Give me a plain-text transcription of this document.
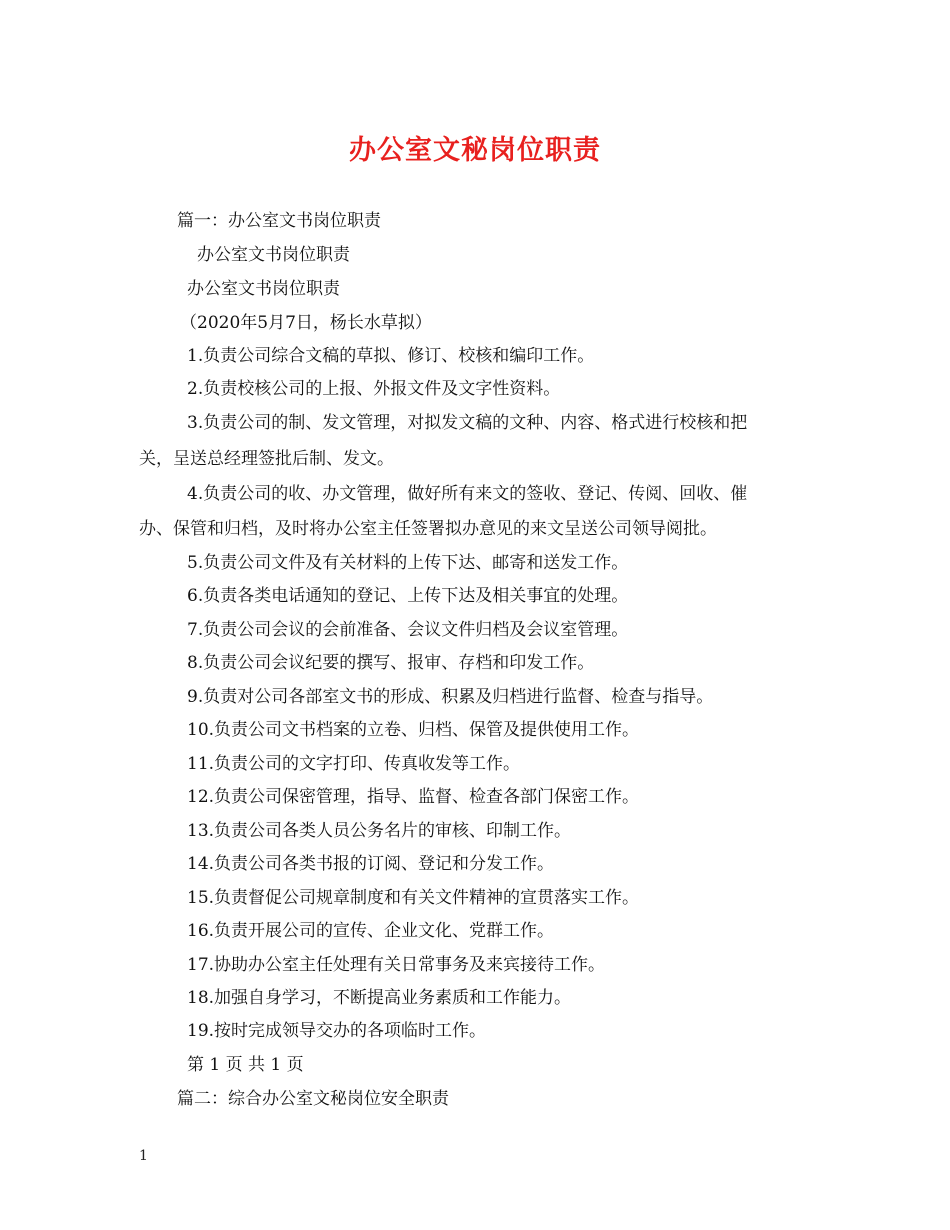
办公室文秘岗位职责
篇一：办公室文书岗位职责
办公室文书岗位职责
办公室文书岗位职责
（2020年5月7日，杨长水草拟）
1.负责公司综合文稿的草拟、修订、校核和编印工作。
2.负责校核公司的上报、外报文件及文字性资料。
3.负责公司的制、发文管理，对拟发文稿的文种、内容、格式进行校核和把
关，呈送总经理签批后制、发文。
4.负责公司的收、办文管理，做好所有来文的签收、登记、传阅、回收、催
办、保管和归档，及时将办公室主任签署拟办意见的来文呈送公司领导阅批。
5.负责公司文件及有关材料的上传下达、邮寄和送发工作。
6.负责各类电话通知的登记、上传下达及相关事宜的处理。
7.负责公司会议的会前准备、会议文件归档及会议室管理。
8.负责公司会议纪要的撰写、报审、存档和印发工作。
9.负责对公司各部室文书的形成、积累及归档进行监督、检查与指导。
10.负责公司文书档案的立卷、归档、保管及提供使用工作。
11.负责公司的文字打印、传真收发等工作。
12.负责公司保密管理，指导、监督、检查各部门保密工作。
13.负责公司各类人员公务名片的审核、印制工作。
14.负责公司各类书报的订阅、登记和分发工作。
15.负责督促公司规章制度和有关文件精神的宣贯落实工作。
16.负责开展公司的宣传、企业文化、党群工作。
17.协助办公室主任处理有关日常事务及来宾接待工作。
18.加强自身学习，不断提高业务素质和工作能力。
19.按时完成领导交办的各项临时工作。
第 1 页 共 1 页
篇二：综合办公室文秘岗位安全职责
1
